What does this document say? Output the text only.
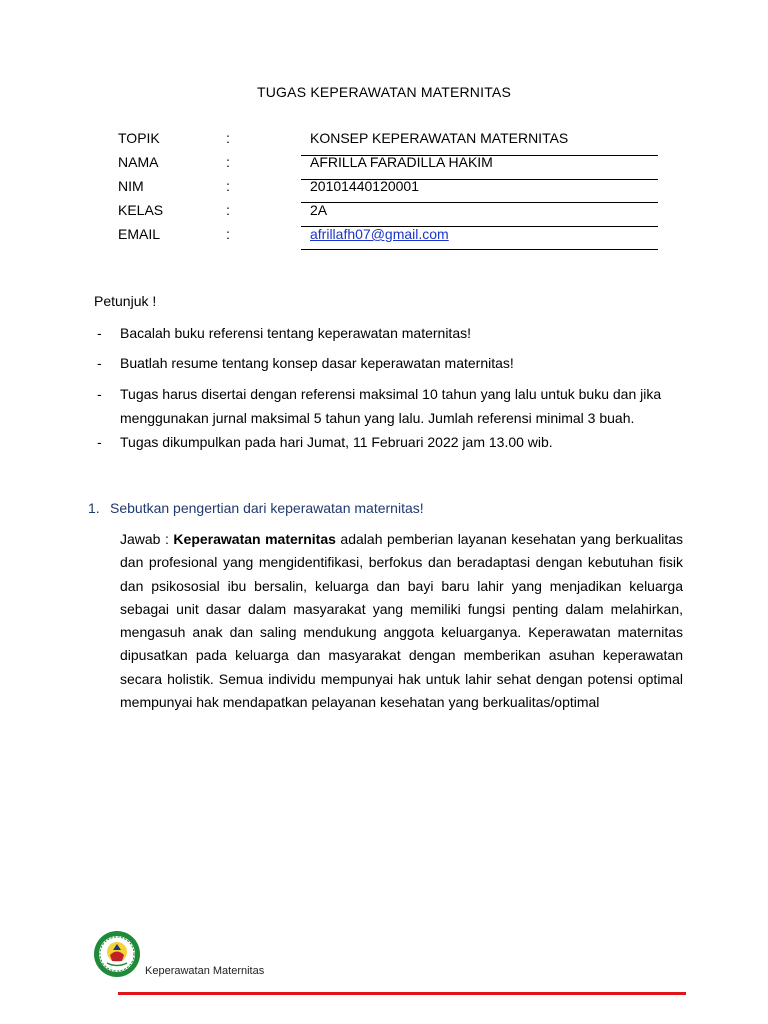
TUGAS KEPERAWATAN MATERNITAS
TOPIK	:	KONSEP KEPERAWATAN MATERNITAS
NAMA	:	AFRILLA FARADILLA HAKIM
NIM	:	20101440120001
KELAS	:	2A
EMAIL	:	afrillafh07@gmail.com
Petunjuk !
- Bacalah buku referensi tentang keperawatan maternitas!
- Buatlah resume tentang konsep dasar keperawatan maternitas!
- Tugas harus disertai dengan referensi maksimal 10 tahun yang lalu untuk buku dan jika menggunakan jurnal maksimal 5 tahun yang lalu. Jumlah referensi minimal 3 buah.
- Tugas dikumpulkan pada hari Jumat, 11 Februari 2022 jam 13.00 wib.
1. Sebutkan pengertian dari keperawatan maternitas!

Jawab : Keperawatan maternitas adalah pemberian layanan kesehatan yang berkualitas dan profesional yang mengidentifikasi, berfokus dan beradaptasi dengan kebutuhan fisik dan psikososial ibu bersalin, keluarga dan bayi baru lahir yang menjadikan keluarga sebagai unit dasar dalam masyarakat yang memiliki fungsi penting dalam melahirkan, mengasuh anak dan saling mendukung anggota keluarganya. Keperawatan maternitas dipusatkan pada keluarga dan masyarakat dengan memberikan asuhan keperawatan secara holistik. Semua individu mempunyai hak untuk lahir sehat dengan potensi optimal mempunyai hak mendapatkan pelayanan kesehatan yang berkualitas/optimal

Keperawatan Maternitas
